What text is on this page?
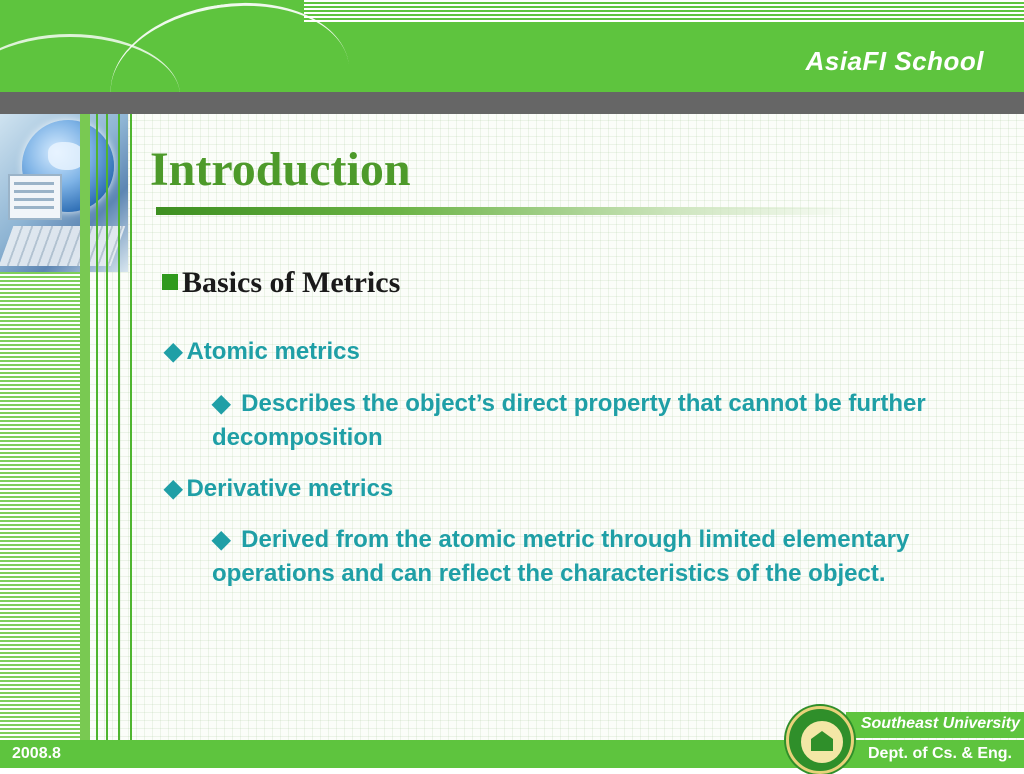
AsiaFI School
Introduction
Basics of Metrics
◆ Atomic metrics
◆ Describes the object’s direct property that cannot be further decomposition
◆ Derivative metrics
◆ Derived from the atomic metric through limited elementary operations and can reflect the characteristics of the object.
2008.8
Southeast University
Dept. of Cs. & Eng.
